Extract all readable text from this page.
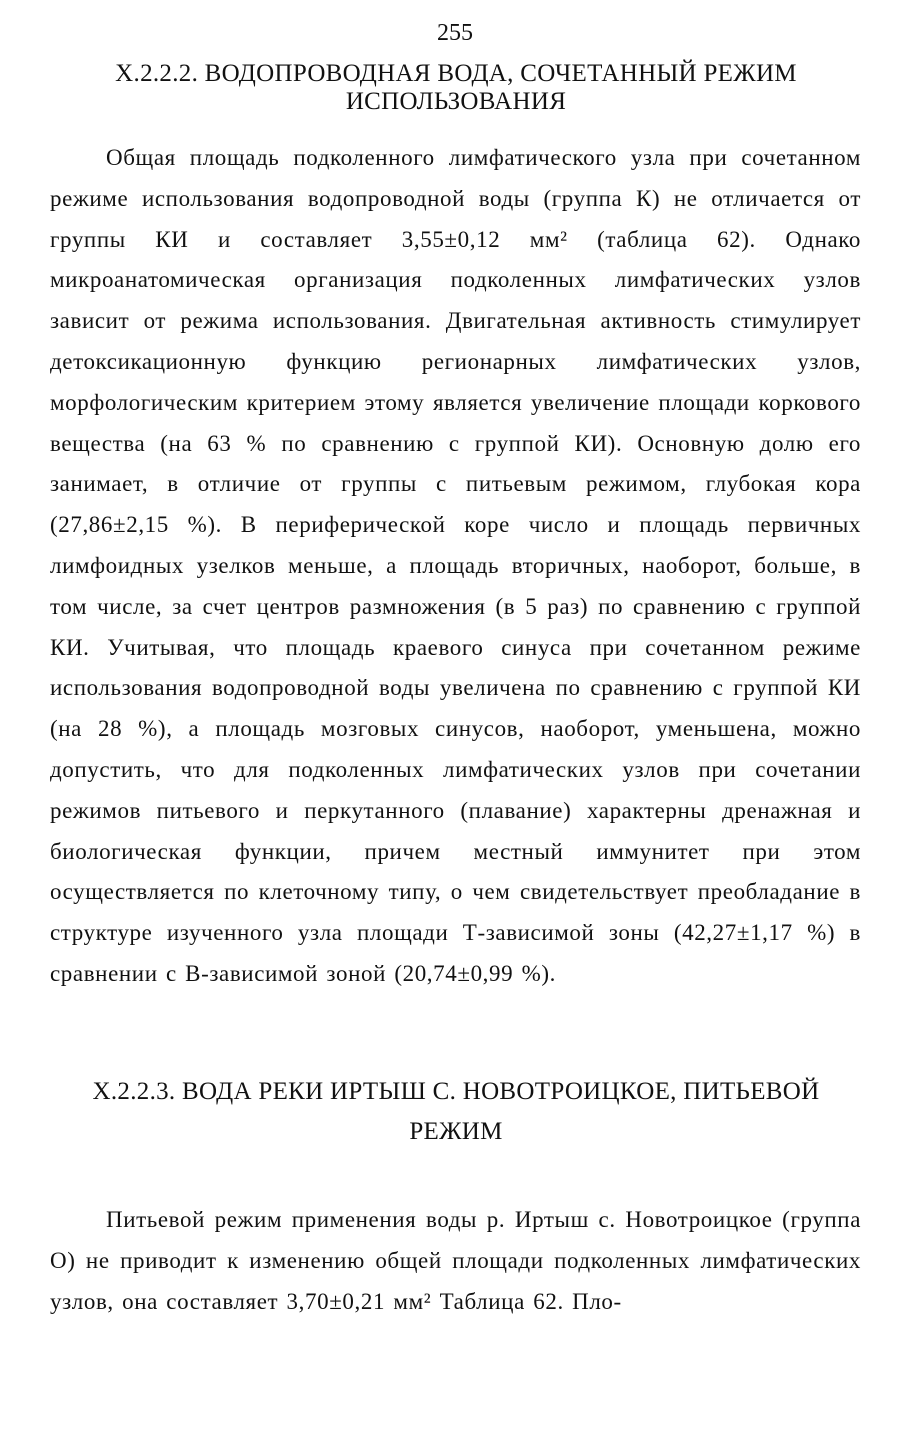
255
X.2.2.2. ВОДОПРОВОДНАЯ ВОДА, СОЧЕТАННЫЙ РЕЖИМ ИСПОЛЬЗОВАНИЯ

Общая площадь подколенного лимфатического узла при сочетанном режиме использования водопроводной воды (группа К) не отличается от группы КИ и составляет 3,55±0,12 мм² (таблица 62). Однако микроанатомическая организация подколенных лимфатических узлов зависит от режима использования. Двигательная активность стимулирует детоксикационную функцию регионарных лимфатических узлов, морфологическим критерием этому является увеличение площади коркового вещества (на 63 % по сравнению с группой КИ). Основную долю его занимает, в отличие от группы с питьевым режимом, глубокая кора (27,86±2,15 %). В периферической коре число и площадь первичных лимфоидных узелков меньше, а площадь вторичных, наоборот, больше, в том числе, за счет центров размножения (в 5 раз) по сравнению с группой КИ. Учитывая, что площадь краевого синуса при сочетанном режиме использования водопроводной воды увеличена по сравнению с группой КИ (на 28 %), а площадь мозговых синусов, наоборот, уменьшена, можно допустить, что для подколенных лимфатических узлов при сочетании режимов питьевого и перкутанного (плавание) характерны дренажная и биологическая функции, причем местный иммунитет при этом осуществляется по клеточному типу, о чем свидетельствует преобладание в структуре изученного узла площади Т-зависимой зоны (42,27±1,17 %) в сравнении с В-зависимой зоной (20,74±0,99 %).

X.2.2.3. ВОДА РЕКИ ИРТЫШ С. НОВОТРОИЦКОЕ, ПИТЬЕВОЙ РЕЖИМ

Питьевой режим применения воды р. Иртыш с. Новотроицкое (группа О) не приводит к изменению общей площади подколенных лимфатических узлов, она составляет 3,70±0,21 мм² Таблица 62. Пло-
